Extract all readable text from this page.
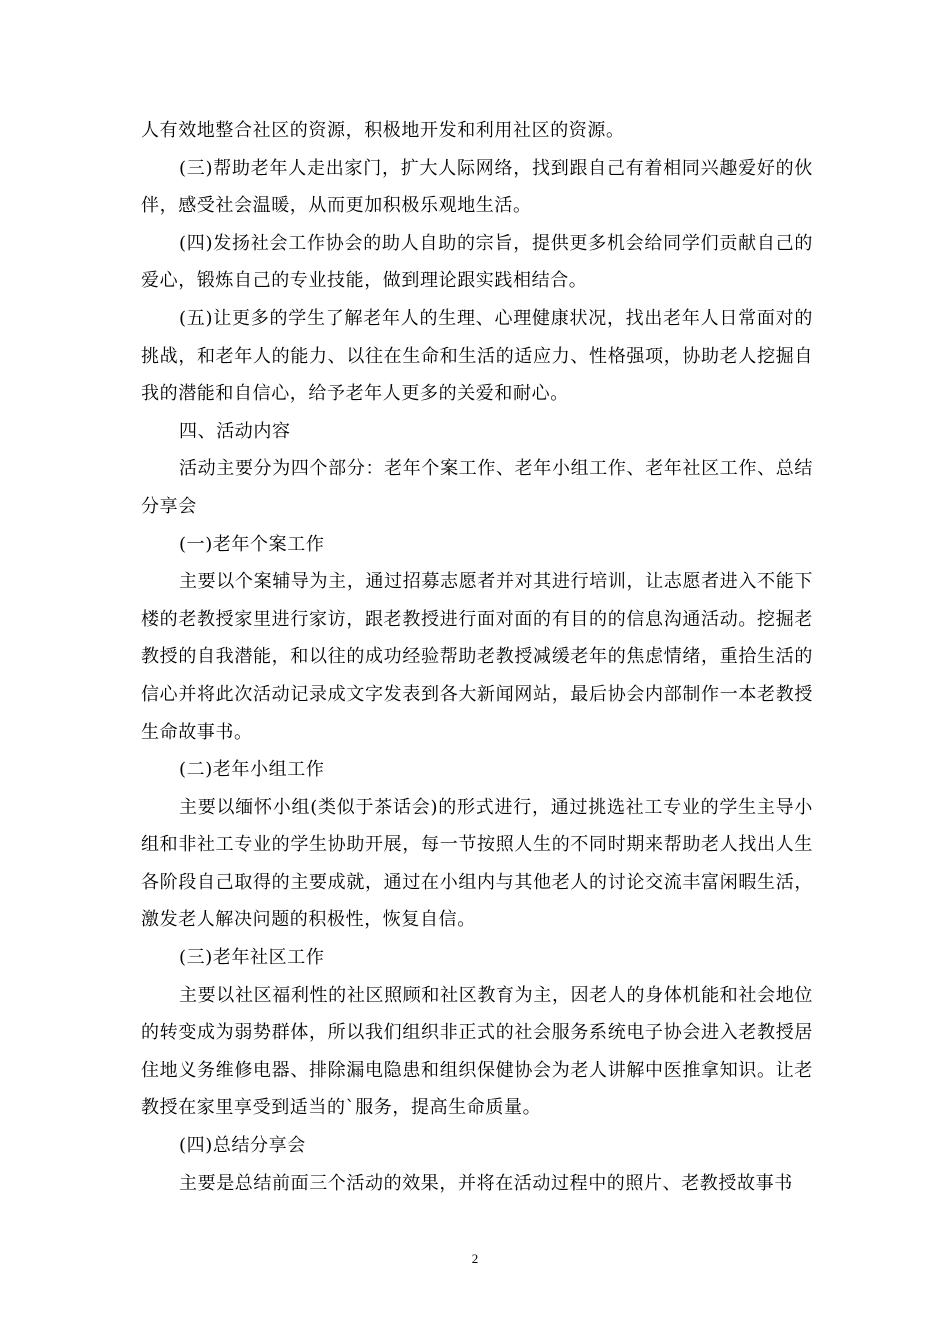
人有效地整合社区的资源，积极地开发和利用社区的资源。

(三)帮助老年人走出家门，扩大人际网络，找到跟自己有着相同兴趣爱好的伙伴，感受社会温暖，从而更加积极乐观地生活。

(四)发扬社会工作协会的助人自助的宗旨，提供更多机会给同学们贡献自己的爱心，锻炼自己的专业技能，做到理论跟实践相结合。

(五)让更多的学生了解老年人的生理、心理健康状况，找出老年人日常面对的挑战，和老年人的能力、以往在生命和生活的适应力、性格强项，协助老人挖掘自我的潜能和自信心，给予老年人更多的关爱和耐心。

四、活动内容

活动主要分为四个部分：老年个案工作、老年小组工作、老年社区工作、总结分享会

(一)老年个案工作

主要以个案辅导为主，通过招募志愿者并对其进行培训，让志愿者进入不能下楼的老教授家里进行家访，跟老教授进行面对面的有目的的信息沟通活动。挖掘老教授的自我潜能，和以往的成功经验帮助老教授减缓老年的焦虑情绪，重拾生活的信心并将此次活动记录成文字发表到各大新闻网站，最后协会内部制作一本老教授生命故事书。

(二)老年小组工作

主要以缅怀小组(类似于茶话会)的形式进行，通过挑选社工专业的学生主导小组和非社工专业的学生协助开展，每一节按照人生的不同时期来帮助老人找出人生各阶段自己取得的主要成就，通过在小组内与其他老人的讨论交流丰富闲暇生活，激发老人解决问题的积极性，恢复自信。

(三)老年社区工作

主要以社区福利性的社区照顾和社区教育为主，因老人的身体机能和社会地位的转变成为弱势群体，所以我们组织非正式的社会服务系统电子协会进入老教授居住地义务维修电器、排除漏电隐患和组织保健协会为老人讲解中医推拿知识。让老教授在家里享受到适当的`服务，提高生命质量。

(四)总结分享会

主要是总结前面三个活动的效果，并将在活动过程中的照片、老教授故事书

2
